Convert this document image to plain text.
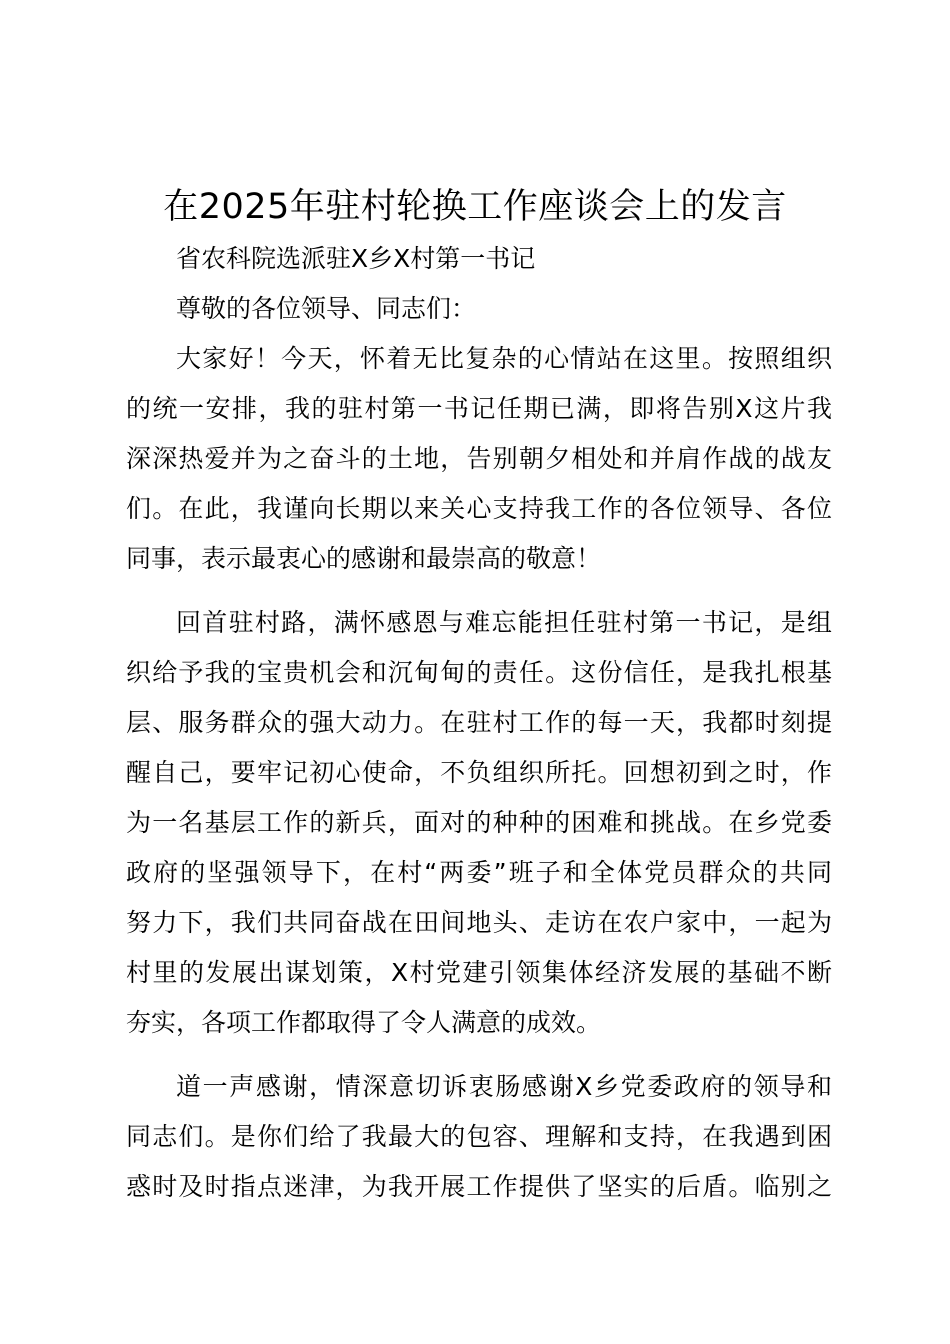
在2025年驻村轮换工作座谈会上的发言
省农科院选派驻X乡X村第一书记
尊敬的各位领导、同志们：
大家好！今天，怀着无比复杂的心情站在这里。按照组织
的统一安排，我的驻村第一书记任期已满，即将告别X这片我
深深热爱并为之奋斗的土地，告别朝夕相处和并肩作战的战友
们。在此，我谨向长期以来关心支持我工作的各位领导、各位
同事，表示最衷心的感谢和最崇高的敬意！
回首驻村路，满怀感恩与难忘能担任驻村第一书记，是组
织给予我的宝贵机会和沉甸甸的责任。这份信任，是我扎根基
层、服务群众的强大动力。在驻村工作的每一天，我都时刻提
醒自己，要牢记初心使命，不负组织所托。回想初到之时，作
为一名基层工作的新兵，面对的种种的困难和挑战。在乡党委
政府的坚强领导下，在村“两委”班子和全体党员群众的共同
努力下，我们共同奋战在田间地头、走访在农户家中，一起为
村里的发展出谋划策，X村党建引领集体经济发展的基础不断
夯实，各项工作都取得了令人满意的成效。
道一声感谢，情深意切诉衷肠感谢X乡党委政府的领导和
同志们。是你们给了我最大的包容、理解和支持，在我遇到困
惑时及时指点迷津，为我开展工作提供了坚实的后盾。临别之
